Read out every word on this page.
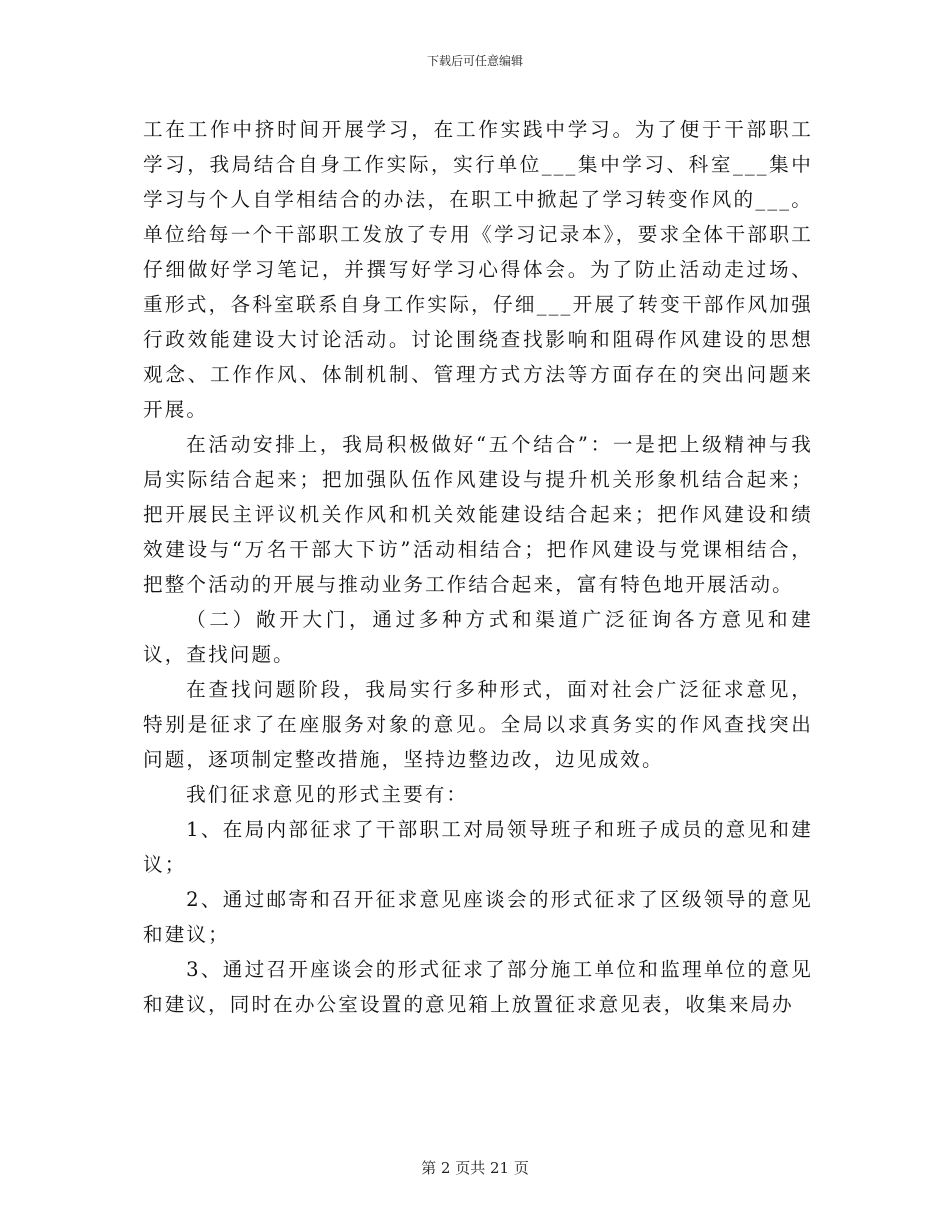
下载后可任意编辑

工在工作中挤时间开展学习，在工作实践中学习。为了便于干部职工学习，我局结合自身工作实际，实行单位___集中学习、科室___集中学习与个人自学相结合的办法，在职工中掀起了学习转变作风的___。单位给每一个干部职工发放了专用《学习记录本》，要求全体干部职工仔细做好学习笔记，并撰写好学习心得体会。为了防止活动走过场、重形式，各科室联系自身工作实际，仔细___开展了转变干部作风加强行政效能建设大讨论活动。讨论围绕查找影响和阻碍作风建设的思想观念、工作作风、体制机制、管理方式方法等方面存在的突出问题来开展。

在活动安排上，我局积极做好“五个结合”：一是把上级精神与我局实际结合起来；把加强队伍作风建设与提升机关形象机结合起来；把开展民主评议机关作风和机关效能建设结合起来；把作风建设和绩效建设与“万名干部大下访”活动相结合；把作风建设与党课相结合，把整个活动的开展与推动业务工作结合起来，富有特色地开展活动。

（二）敞开大门，通过多种方式和渠道广泛征询各方意见和建议，查找问题。

在查找问题阶段，我局实行多种形式，面对社会广泛征求意见，特别是征求了在座服务对象的意见。全局以求真务实的作风查找突出问题，逐项制定整改措施，坚持边整边改，边见成效。

我们征求意见的形式主要有：

1、在局内部征求了干部职工对局领导班子和班子成员的意见和建议；

2、通过邮寄和召开征求意见座谈会的形式征求了区级领导的意见和建议；

3、通过召开座谈会的形式征求了部分施工单位和监理单位的意见和建议，同时在办公室设置的意见箱上放置征求意见表，收集来局办

第 2 页共 21 页
